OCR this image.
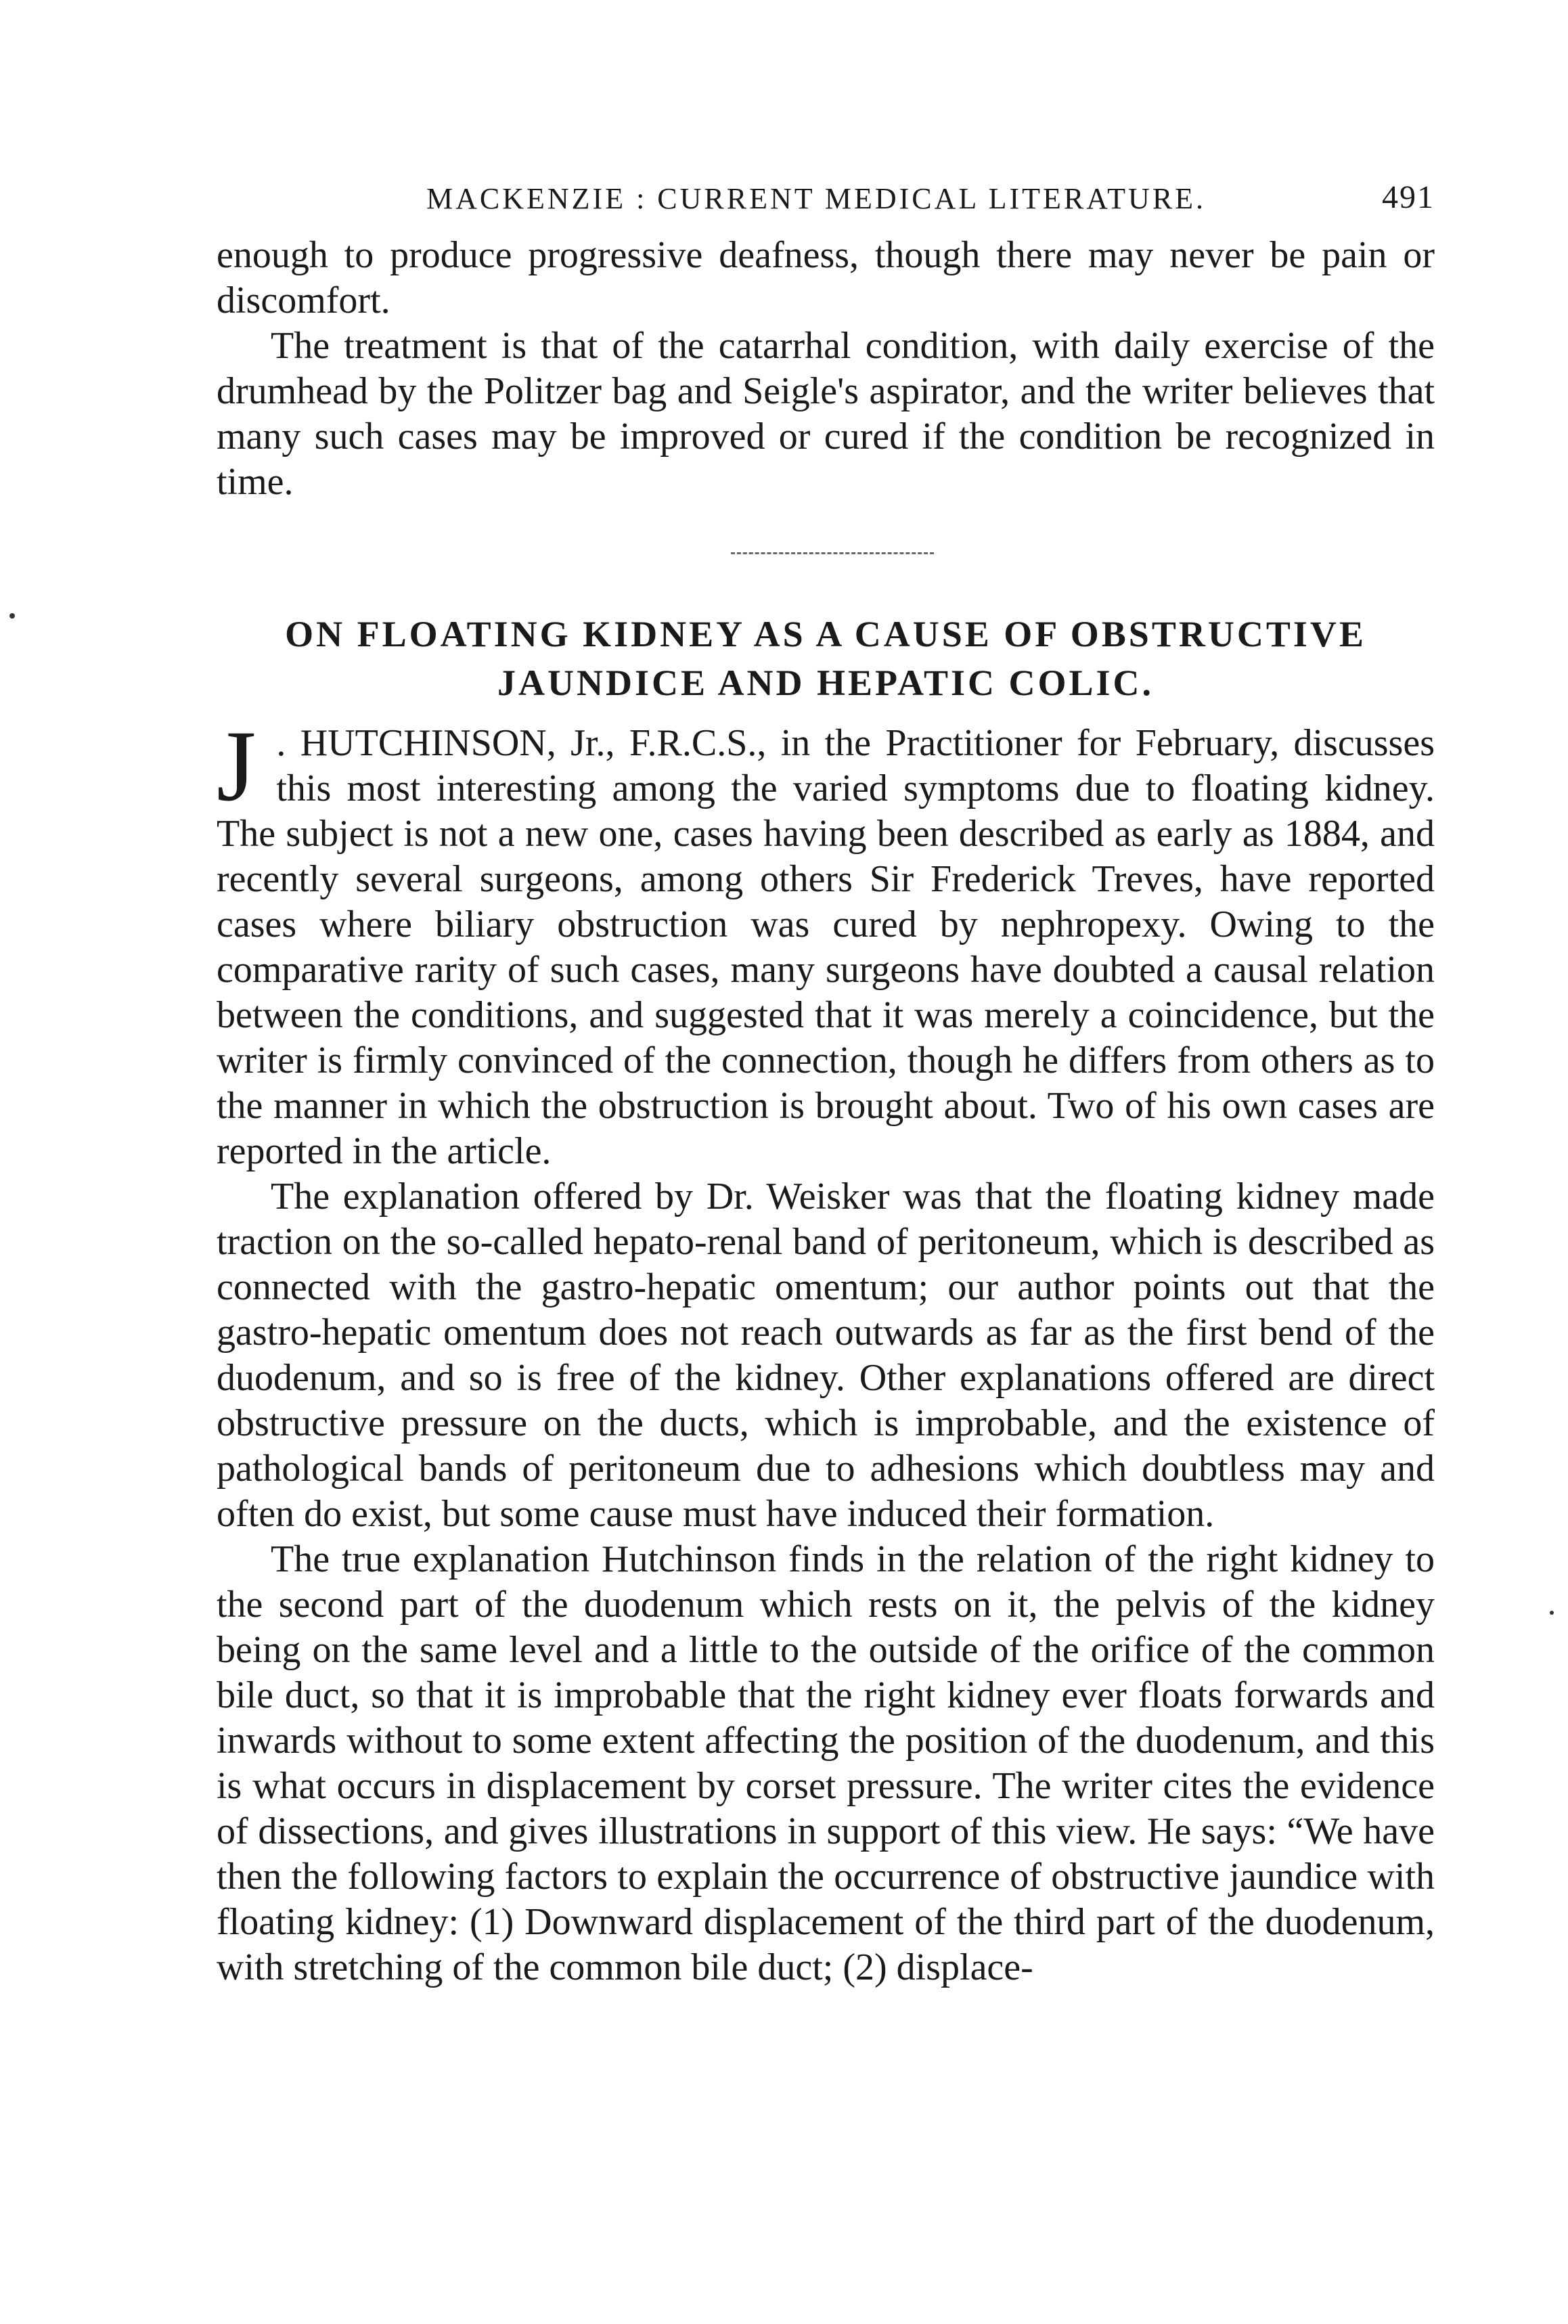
MACKENZIE : CURRENT MEDICAL LITERATURE.	491

enough to produce progressive deafness, though there may never be pain or discomfort.

The treatment is that of the catarrhal condition, with daily exercise of the drumhead by the Politzer bag and Seigle's aspirator, and the writer believes that many such cases may be improved or cured if the condition be recognized in time.

ON FLOATING KIDNEY AS A CAUSE OF OBSTRUCTIVE
JAUNDICE AND HEPATIC COLIC.

J . HUTCHINSON, Jr., F.R.C.S., in the Practitioner for February, discusses this most interesting among the varied symptoms due to floating kidney. The subject is not a new one, cases having been described as early as 1884, and recently several surgeons, among others Sir Frederick Treves, have reported cases where biliary obstruction was cured by nephropexy. Owing to the comparative rarity of such cases, many surgeons have doubted a causal relation between the conditions, and suggested that it was merely a coincidence, but the writer is firmly convinced of the connection, though he differs from others as to the manner in which the obstruction is brought about. Two of his own cases are reported in the article.

The explanation offered by Dr. Weisker was that the floating kidney made traction on the so-called hepato-renal band of peritoneum, which is described as connected with the gastro-hepatic omentum; our author points out that the gastro-hepatic omentum does not reach outwards as far as the first bend of the duodenum, and so is free of the kidney. Other explanations offered are direct obstructive pressure on the ducts, which is improbable, and the existence of pathological bands of peritoneum due to adhesions which doubtless may and often do exist, but some cause must have induced their formation.

The true explanation Hutchinson finds in the relation of the right kidney to the second part of the duodenum which rests on it, the pelvis of the kidney being on the same level and a little to the outside of the orifice of the common bile duct, so that it is improbable that the right kidney ever floats forwards and inwards without to some extent affecting the position of the duodenum, and this is what occurs in displacement by corset pressure. The writer cites the evidence of dissections, and gives illustrations in support of this view. He says: “We have then the following factors to explain the occurrence of obstructive jaundice with floating kidney: (1) Downward displacement of the third part of the duodenum, with stretching of the common bile duct; (2) displace-
